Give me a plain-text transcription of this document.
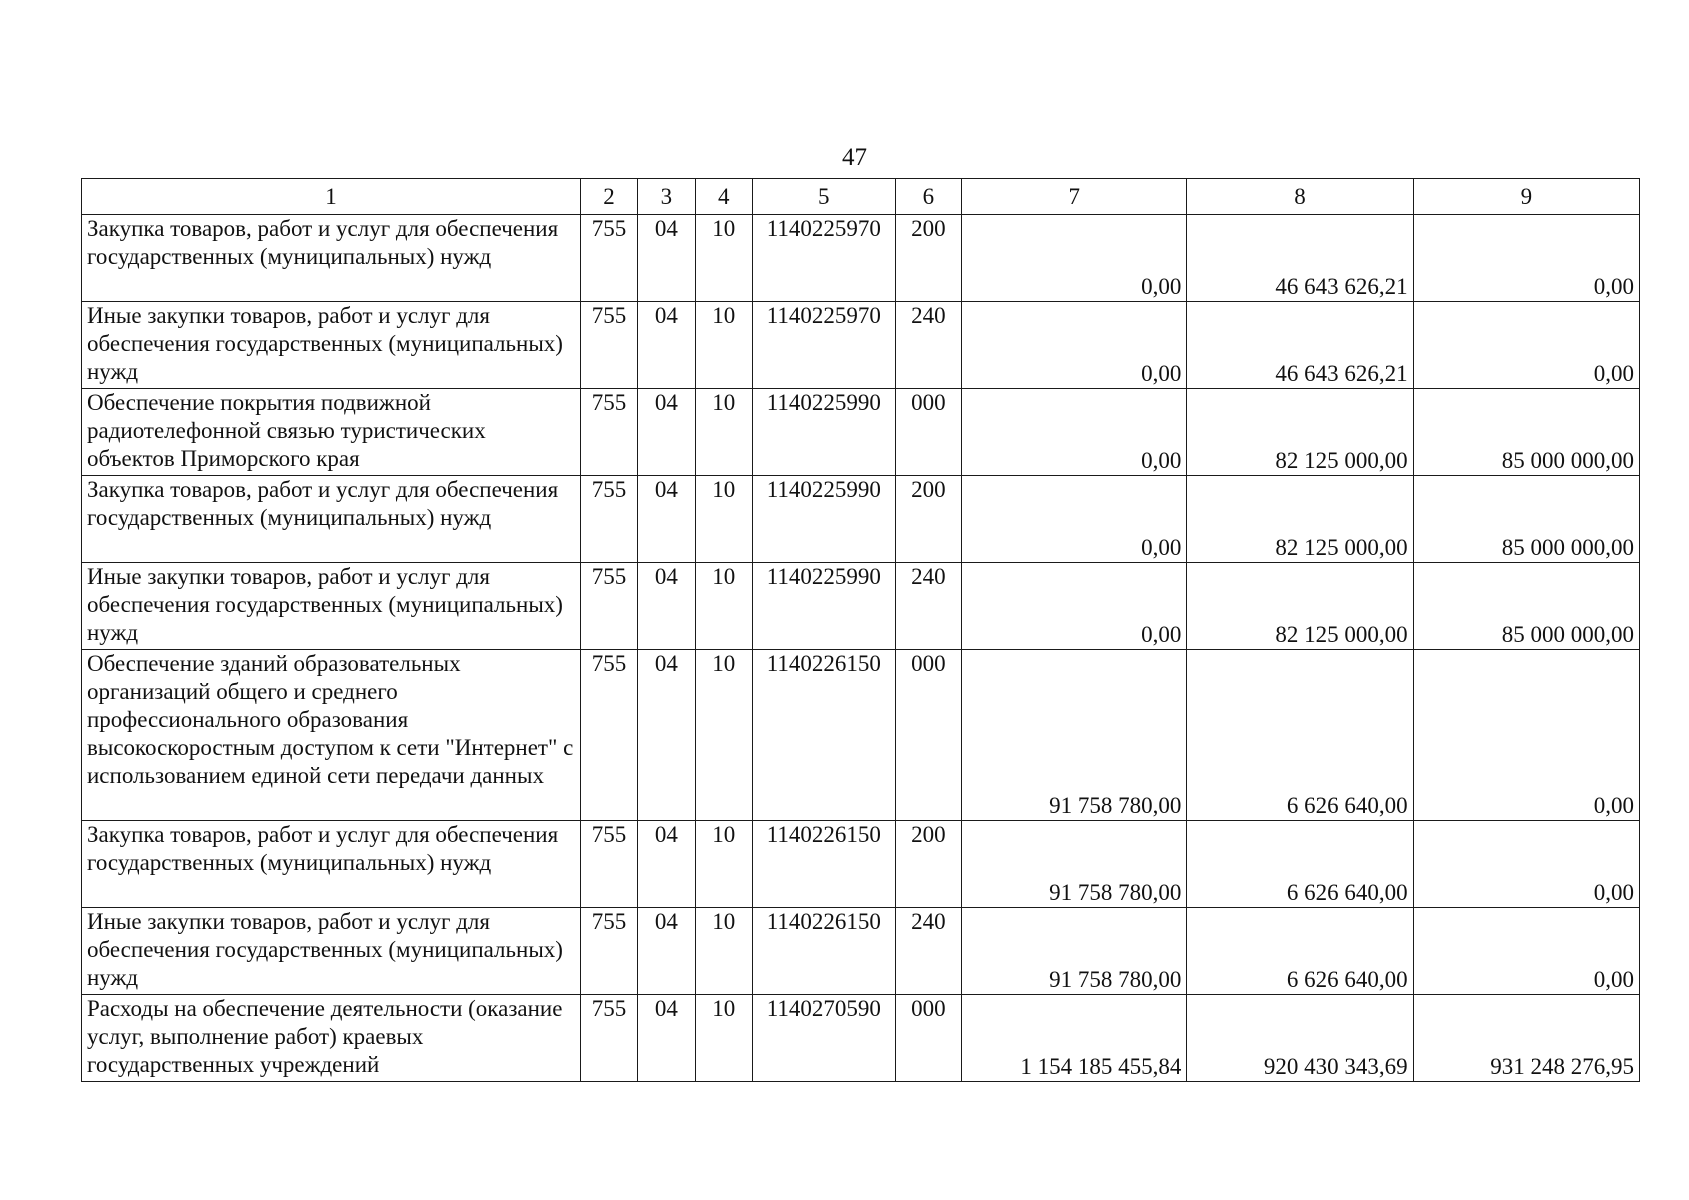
47
1	2	3	4	5	6	7	8	9
Закупка товаров, работ и услуг для обеспечения государственных (муниципальных) нужд	755	04	10	1140225970	200	0,00	46 643 626,21	0,00
Иные закупки товаров, работ и услуг для обеспечения государственных (муниципальных) нужд	755	04	10	1140225970	240	0,00	46 643 626,21	0,00
Обеспечение покрытия подвижной радиотелефонной связью туристических объектов Приморского края	755	04	10	1140225990	000	0,00	82 125 000,00	85 000 000,00
Закупка товаров, работ и услуг для обеспечения государственных (муниципальных) нужд	755	04	10	1140225990	200	0,00	82 125 000,00	85 000 000,00
Иные закупки товаров, работ и услуг для обеспечения государственных (муниципальных) нужд	755	04	10	1140225990	240	0,00	82 125 000,00	85 000 000,00
Обеспечение зданий образовательных организаций общего и среднего профессионального образования высокоскоростным доступом к сети "Интернет" с использованием единой сети передачи данных	755	04	10	1140226150	000	91 758 780,00	6 626 640,00	0,00
Закупка товаров, работ и услуг для обеспечения государственных (муниципальных) нужд	755	04	10	1140226150	200	91 758 780,00	6 626 640,00	0,00
Иные закупки товаров, работ и услуг для обеспечения государственных (муниципальных) нужд	755	04	10	1140226150	240	91 758 780,00	6 626 640,00	0,00
Расходы на обеспечение деятельности (оказание услуг, выполнение работ) краевых государственных учреждений	755	04	10	1140270590	000	1 154 185 455,84	920 430 343,69	931 248 276,95
